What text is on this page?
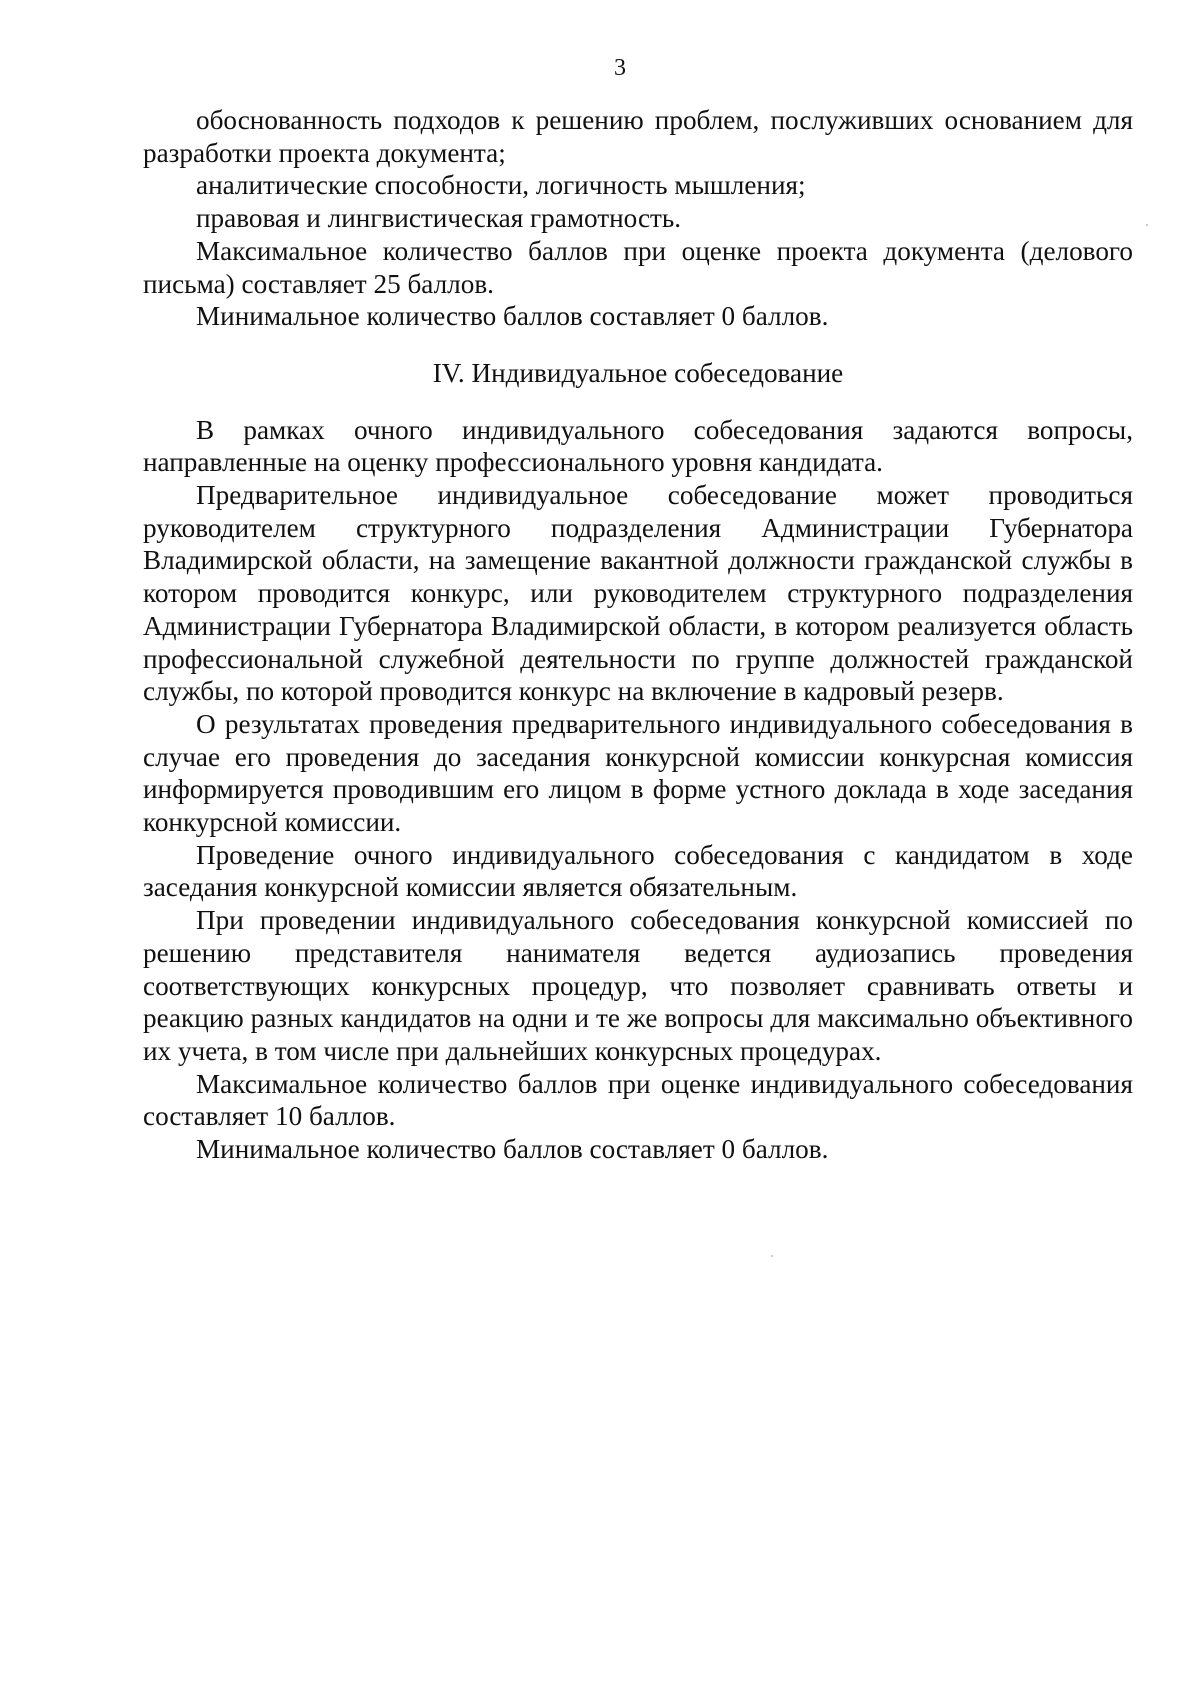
3

обоснованность подходов к решению проблем, послуживших основанием для разработки проекта документа;

аналитические способности, логичность мышления;

правовая и лингвистическая грамотность.

Максимальное количество баллов при оценке проекта документа (делового письма) составляет 25 баллов.

Минимальное количество баллов составляет 0 баллов.

IV. Индивидуальное собеседование

В рамках очного индивидуального собеседования задаются вопросы, направленные на оценку профессионального уровня кандидата.

Предварительное индивидуальное собеседование может проводиться руководителем структурного подразделения Администрации Губернатора Владимирской области, на замещение вакантной должности гражданской службы в котором проводится конкурс, или руководителем структурного подразделения Администрации Губернатора Владимирской области, в котором реализуется область профессиональной служебной деятельности по группе должностей гражданской службы, по которой проводится конкурс на включение в кадровый резерв.

О результатах проведения предварительного индивидуального собеседования в случае его проведения до заседания конкурсной комиссии конкурсная комиссия информируется проводившим его лицом в форме устного доклада в ходе заседания конкурсной комиссии.

Проведение очного индивидуального собеседования с кандидатом в ходе заседания конкурсной комиссии является обязательным.

При проведении индивидуального собеседования конкурсной комиссией по решению представителя нанимателя ведется аудиозапись проведения соответствующих конкурсных процедур, что позволяет сравнивать ответы и реакцию разных кандидатов на одни и те же вопросы для максимально объективного их учета, в том числе при дальнейших конкурсных процедурах.

Максимальное количество баллов при оценке индивидуального собеседования составляет 10 баллов.

Минимальное количество баллов составляет 0 баллов.
